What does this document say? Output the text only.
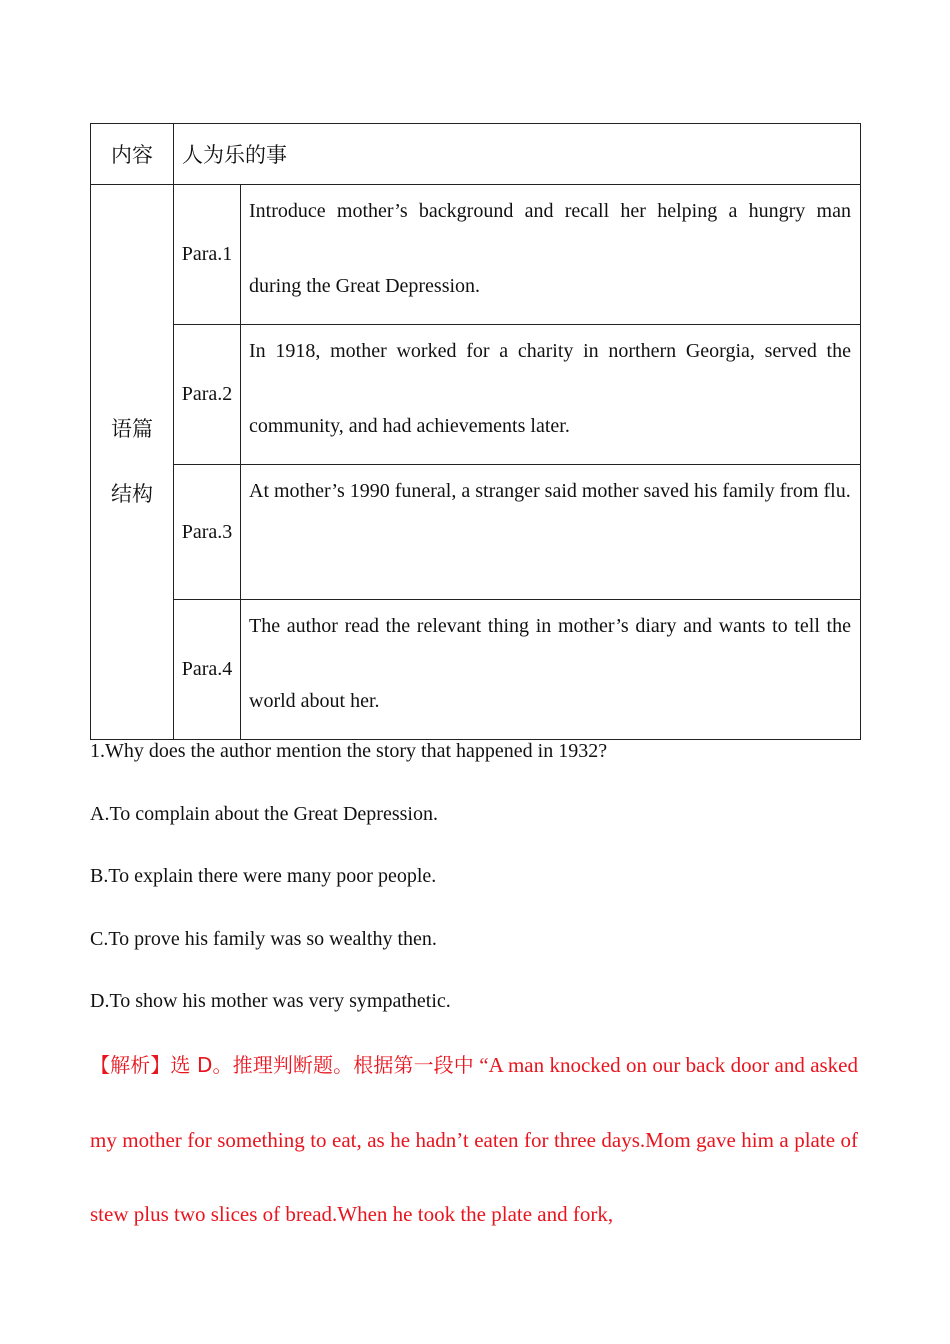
内容	人为乐的事	

语篇
结构	Para.1	Introduce mother’s background and recall her helping a hungry man during the Great Depression.

	Para.2	In 1918, mother worked for a charity in northern Georgia, served the community, and had achievements later.

	Para.3	At mother’s 1990 funeral, a stranger said mother saved his family from flu.

	Para.4	The author read the relevant thing in mother’s diary and wants to tell the world about her.
1.Why does the author mention the story that happened in 1932?
A.To complain about the Great Depression.
B.To explain there were many poor people.
C.To prove his family was so wealthy then.
D.To show his mother was very sympathetic.
【解析】选 D。推理判断题。根据第一段中 “A man knocked on our back door and asked my mother for something to eat, as he hadn’t eaten for three days.Mom gave him a plate of stew plus two slices of bread.When he took the plate and fork,
